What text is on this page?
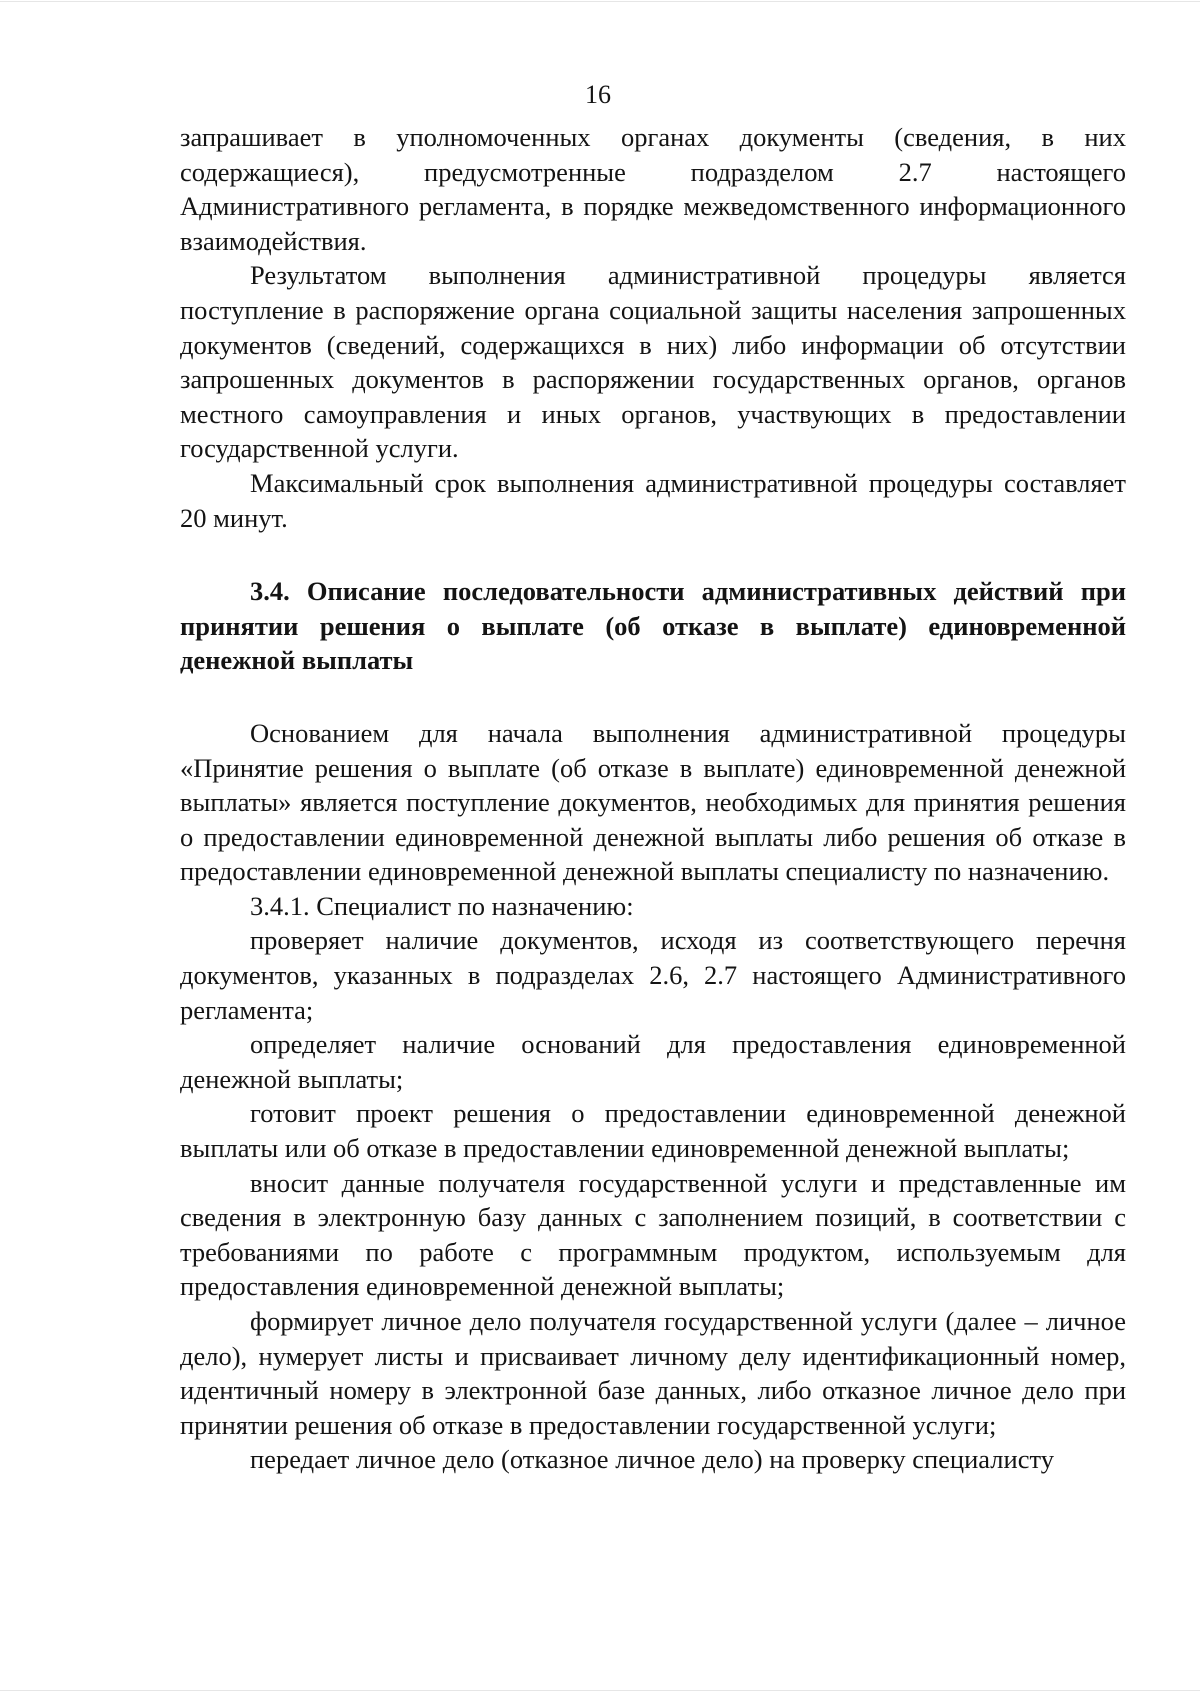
16

запрашивает в уполномоченных органах документы (сведения, в них содержащиеся), предусмотренные подразделом 2.7 настоящего Административного регламента, в порядке межведомственного информационного взаимодействия.

Результатом выполнения административной процедуры является поступление в распоряжение органа социальной защиты населения запрошенных документов (сведений, содержащихся в них) либо информации об отсутствии запрошенных документов в распоряжении государственных органов, органов местного самоуправления и иных органов, участвующих в предоставлении государственной услуги.

Максимальный срок выполнения административной процедуры составляет 20 минут.

3.4. Описание последовательности административных действий при принятии решения о выплате (об отказе в выплате) единовременной денежной выплаты

Основанием для начала выполнения административной процедуры «Принятие решения о выплате (об отказе в выплате) единовременной денежной выплаты» является поступление документов, необходимых для принятия решения о предоставлении единовременной денежной выплаты либо решения об отказе в предоставлении единовременной денежной выплаты специалисту по назначению.

3.4.1. Специалист по назначению:

проверяет наличие документов, исходя из соответствующего перечня документов, указанных в подразделах 2.6, 2.7 настоящего Административного регламента;

определяет наличие оснований для предоставления единовременной денежной выплаты;

готовит проект решения о предоставлении единовременной денежной выплаты или об отказе в предоставлении единовременной денежной выплаты;

вносит данные получателя государственной услуги и представленные им сведения в электронную базу данных с заполнением позиций, в соответствии с требованиями по работе с программным продуктом, используемым для предоставления единовременной денежной выплаты;

формирует личное дело получателя государственной услуги (далее – личное дело), нумерует листы и присваивает личному делу идентификационный номер, идентичный номеру в электронной базе данных, либо отказное личное дело при принятии решения об отказе в предоставлении государственной услуги;

передает личное дело (отказное личное дело) на проверку специалисту
